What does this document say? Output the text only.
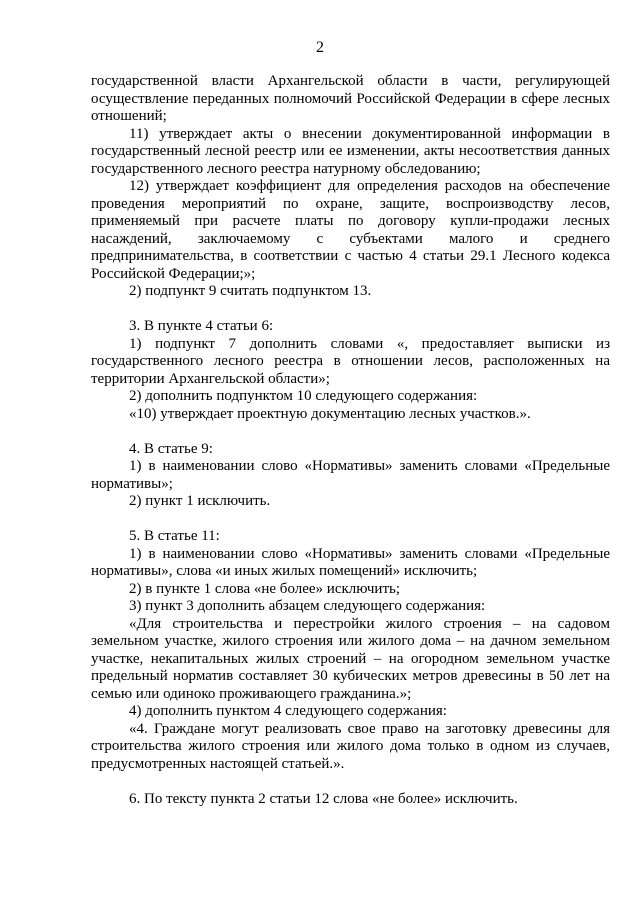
2

государственной власти Архангельской области в части, регулирующей осуществление переданных полномочий Российской Федерации в сфере лесных отношений;

11) утверждает акты о внесении документированной информации в государственный лесной реестр или ее изменении, акты несоответствия данных государственного лесного реестра натурному обследованию;

12) утверждает коэффициент для определения расходов на обеспечение проведения мероприятий по охране, защите, воспроизводству лесов, применяемый при расчете платы по договору купли-продажи лесных насаждений, заключаемому с субъектами малого и среднего предпринимательства, в соответствии с частью 4 статьи 29.1 Лесного кодекса Российской Федерации;»;

2) подпункт 9 считать подпунктом 13.

3. В пункте 4 статьи 6:

1) подпункт 7 дополнить словами «, предоставляет выписки из государственного лесного реестра в отношении лесов, расположенных на территории Архангельской области»;

2) дополнить подпунктом 10 следующего содержания:

«10) утверждает проектную документацию лесных участков.».

4. В статье 9:

1) в наименовании слово «Нормативы» заменить словами «Предельные нормативы»;

2) пункт 1 исключить.

5. В статье 11:

1) в наименовании слово «Нормативы» заменить словами «Предельные нормативы», слова «и иных жилых помещений» исключить;

2) в пункте 1 слова «не более» исключить;

3) пункт 3 дополнить абзацем следующего содержания:

«Для строительства и перестройки жилого строения – на садовом земельном участке, жилого строения или жилого дома – на дачном земельном участке, некапитальных жилых строений – на огородном земельном участке предельный норматив составляет 30 кубических метров древесины в 50 лет на семью или одиноко проживающего гражданина.»;

4) дополнить пунктом 4 следующего содержания:

«4. Граждане могут реализовать свое право на заготовку древесины для строительства жилого строения или жилого дома только в одном из случаев, предусмотренных настоящей статьей.».

6. По тексту пункта 2 статьи 12 слова «не более» исключить.
